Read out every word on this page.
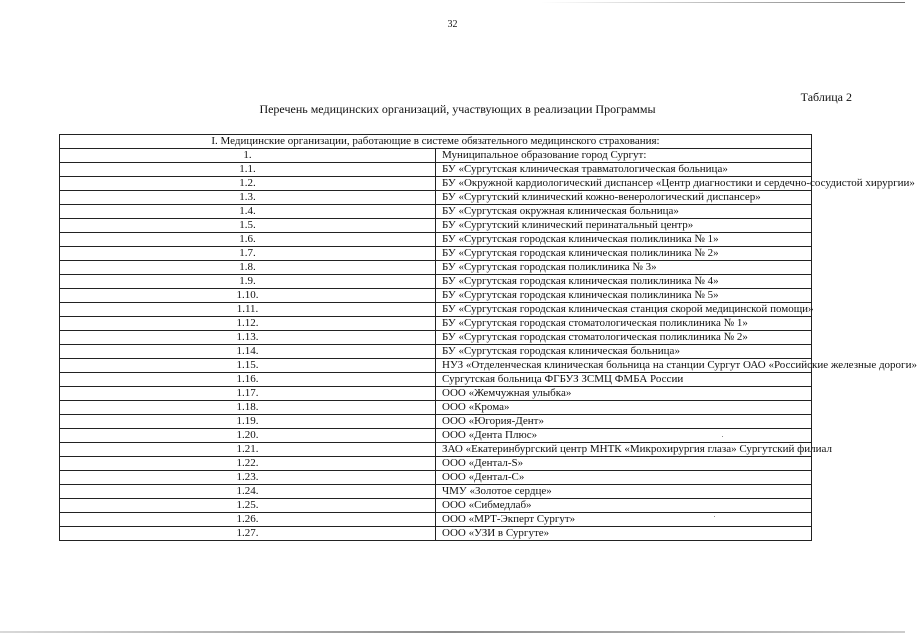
32
Таблица 2
Перечень медицинских организаций, участвующих в реализации Программы
I. Медицинские организации, работающие в системе обязательного медицинского страхования:	
1.	Муниципальное образование город Сургут:
1.1.	БУ «Сургутская клиническая травматологическая больница»
1.2.	БУ «Окружной кардиологический диспансер «Центр диагностики и сердечно-сосудистой хирургии»
1.3.	БУ «Сургутский клинический кожно-венерологический диспансер»
1.4.	БУ «Сургутская окружная клиническая больница»
1.5.	БУ «Сургутский клинический перинатальный центр»
1.6.	БУ «Сургутская городская клиническая поликлиника № 1»
1.7.	БУ «Сургутская городская клиническая поликлиника № 2»
1.8.	БУ «Сургутская городская поликлиника № 3»
1.9.	БУ «Сургутская городская клиническая поликлиника № 4»
1.10.	БУ «Сургутская городская клиническая поликлиника № 5»
1.11.	БУ «Сургутская городская клиническая станция скорой медицинской помощи»
1.12.	БУ «Сургутская городская стоматологическая поликлиника № 1»
1.13.	БУ «Сургутская городская стоматологическая поликлиника № 2»
1.14.	БУ «Сургутская городская клиническая больница»
1.15.	НУЗ «Отделенческая клиническая больница на станции Сургут ОАО «Российские железные дороги»
1.16.	Сургутская больница ФГБУЗ ЗСМЦ ФМБА России
1.17.	ООО «Жемчужная улыбка»
1.18.	ООО «Крома»
1.19.	ООО «Югория-Дент»
1.20.	ООО «Дента Плюс»
1.21.	ЗАО «Екатеринбургский центр МНТК «Микрохирургия глаза» Сургутский филиал
1.22.	ООО «Дентал-S»
1.23.	ООО «Дентал-С»
1.24.	ЧМУ «Золотое сердце»
1.25.	ООО «Сибмедлаб»
1.26.	ООО «МРТ-Экперт Сургут»
1.27.	ООО «УЗИ в Сургуте»
